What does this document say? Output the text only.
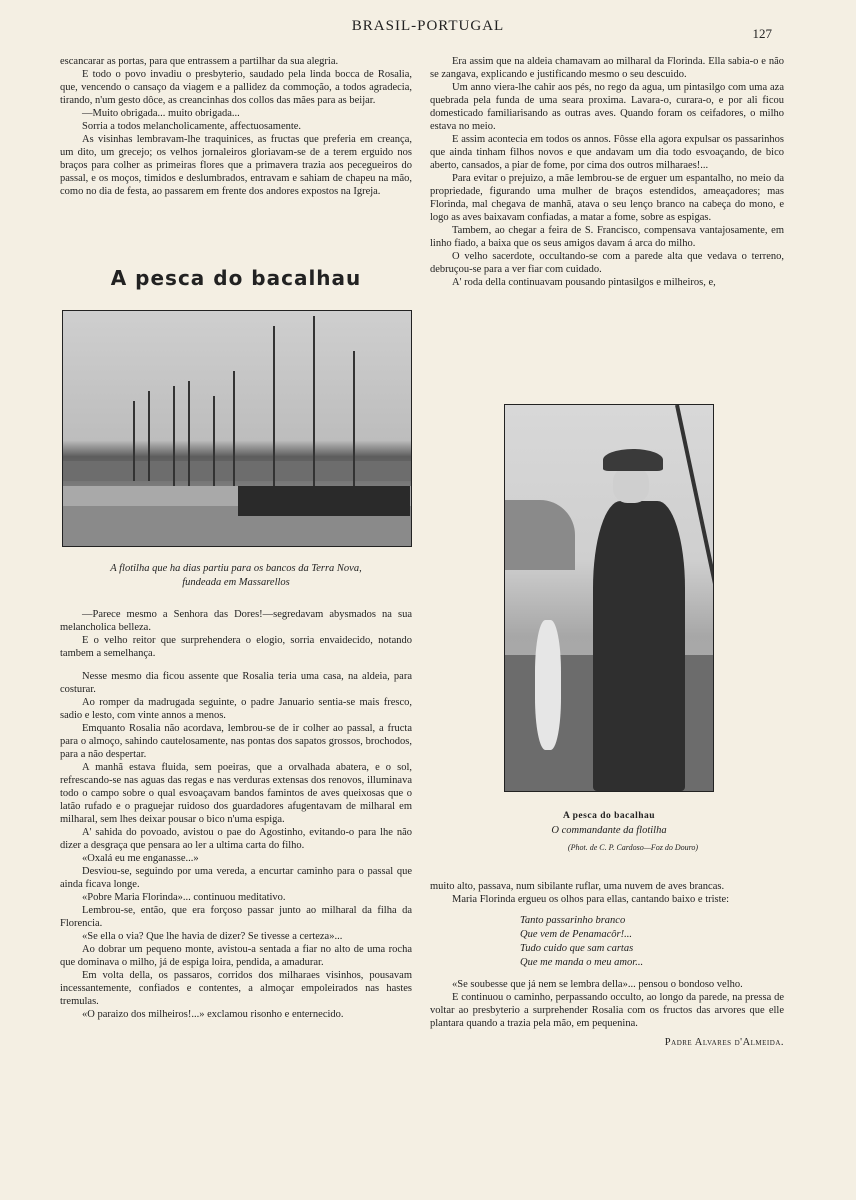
BRASIL-PORTUGAL	127

escancarar as portas, para que entrassem a partilhar da sua alegria.

E todo o povo invadiu o presbyterio, saudado pela linda bocca de Rosalia, que, vencendo o cansaço da viagem e a pallidez da commoção, a todos agradecia, tirando, n'um gesto dôce, as creancinhas dos collos das mães para as beijar.

—Muito obrigada... muito obrigada...

Sorria a todos melancholicamente, affectuosamente.

As visinhas lembravam-lhe traquinices, as fructas que preferia em creança, um dito, um grecejo; os velhos jornaleiros gloriavam-se de a terem erguido nos braços para colher as primeiras flores que a primavera trazia aos pecegueiros do passal, e os moços, timidos e deslumbrados, entravam e sahiam de chapeu na mão, como no dia de festa, ao passarem em frente dos andores expostos na Igreja.

A pesca do bacalhau
A flotilha que ha dias partiu para os bancos da Terra Nova,
fundeada em Massarellos

—Parece mesmo a Senhora das Dores!—segredavam abysmados na sua melancholica belleza.

E o velho reitor que surprehendera o elogio, sorria envaidecido, notando tambem a semelhança.

Nesse mesmo dia ficou assente que Rosalia teria uma casa, na aldeia, para costurar.

Ao romper da madrugada seguinte, o padre Januario sentia-se mais fresco, sadio e lesto, com vinte annos a menos.

Emquanto Rosalia não acordava, lembrou-se de ir colher ao passal, a fructa para o almoço, sahindo cautelosamente, nas pontas dos sapatos grossos, brochodos, para a não despertar.

A manhã estava fluida, sem poeiras, que a orvalhada abatera, e o sol, refrescando-se nas aguas das regas e nas verduras extensas dos renovos, illuminava todo o campo sobre o qual esvoaçavam bandos famintos de aves queixosas que o latão rufado e o praguejar ruidoso dos guardadores afugentavam de milharal em milharal, sem lhes deixar pousar o bico n'uma espiga.

A' sahida do povoado, avistou o pae do Agostinho, evitando-o para lhe não dizer a desgraça que pensara ao ler a ultima carta do filho.

«Oxalá eu me enganasse...»

Desviou-se, seguindo por uma vereda, a encurtar caminho para o passal que ainda ficava longe.

«Pobre Maria Florinda»... continuou meditativo.

Lembrou-se, então, que era forçoso passar junto ao milharal da filha da Florencia.

«Se ella o via? Que lhe havia de dizer? Se tivesse a certeza»...

Ao dobrar um pequeno monte, avistou-a sentada a fiar no alto de uma rocha que dominava o milho, já de espiga loira, pendida, a amadurar.

Em volta della, os passaros, corridos dos milharaes visinhos, pousavam incessantemente, confiados e contentes, a almoçar empoleirados nas hastes tremulas.

«O paraizo dos milheiros!...» exclamou risonho e enternecido.

Era assim que na aldeia chamavam ao milharal da Florinda. Ella sabia-o e não se zangava, explicando e justificando mesmo o seu descuido.

Um anno viera-lhe cahir aos pés, no rego da agua, um pintasilgo com uma aza quebrada pela funda de uma seara proxima. Lavara-o, curara-o, e por ali ficou domesticado familiarisando as outras aves. Quando foram os ceifadores, o milho estava no meio.

E assim acontecia em todos os annos. Fôsse ella agora expulsar os passarinhos que ainda tinham filhos novos e que andavam um dia todo esvoaçando, de bico aberto, cansados, a piar de fome, por cima dos outros milharaes!...

Para evitar o prejuizo, a mãe lembrou-se de erguer um espantalho, no meio da propriedade, figurando uma mulher de braços estendidos, ameaçadores; mas Florinda, mal chegava de manhã, atava o seu lenço branco na cabeça do mono, e logo as aves baixavam confiadas, a matar a fome, sobre as espigas.

Tambem, ao chegar a feira de S. Francisco, compensava vantajosamente, em linho fiado, a baixa que os seus amigos davam á arca do milho.

O velho sacerdote, occultando-se com a parede alta que vedava o terreno, debruçou-se para a ver fiar com cuidado.

A' roda della continuavam pousando pintasilgos e milheiros, e,

A pesca do bacalhau
O commandante da flotilha
(Phot. de C. P. Cardoso—Foz do Douro)

muito alto, passava, num sibilante ruflar, uma nuvem de aves brancas.

Maria Florinda ergueu os olhos para ellas, cantando baixo e triste:

Tanto passarinho branco
Que vem de Penamacôr!...
Tudo cuido que sam cartas
Que me manda o meu amor...

«Se soubesse que já nem se lembra della»... pensou o bondoso velho.

E continuou o caminho, perpassando occulto, ao longo da parede, na pressa de voltar ao presbyterio a surprehender Rosalia com os fructos das arvores que elle plantara quando a trazia pela mão, em pequenina.

Padre Alvares d'Almeida.
